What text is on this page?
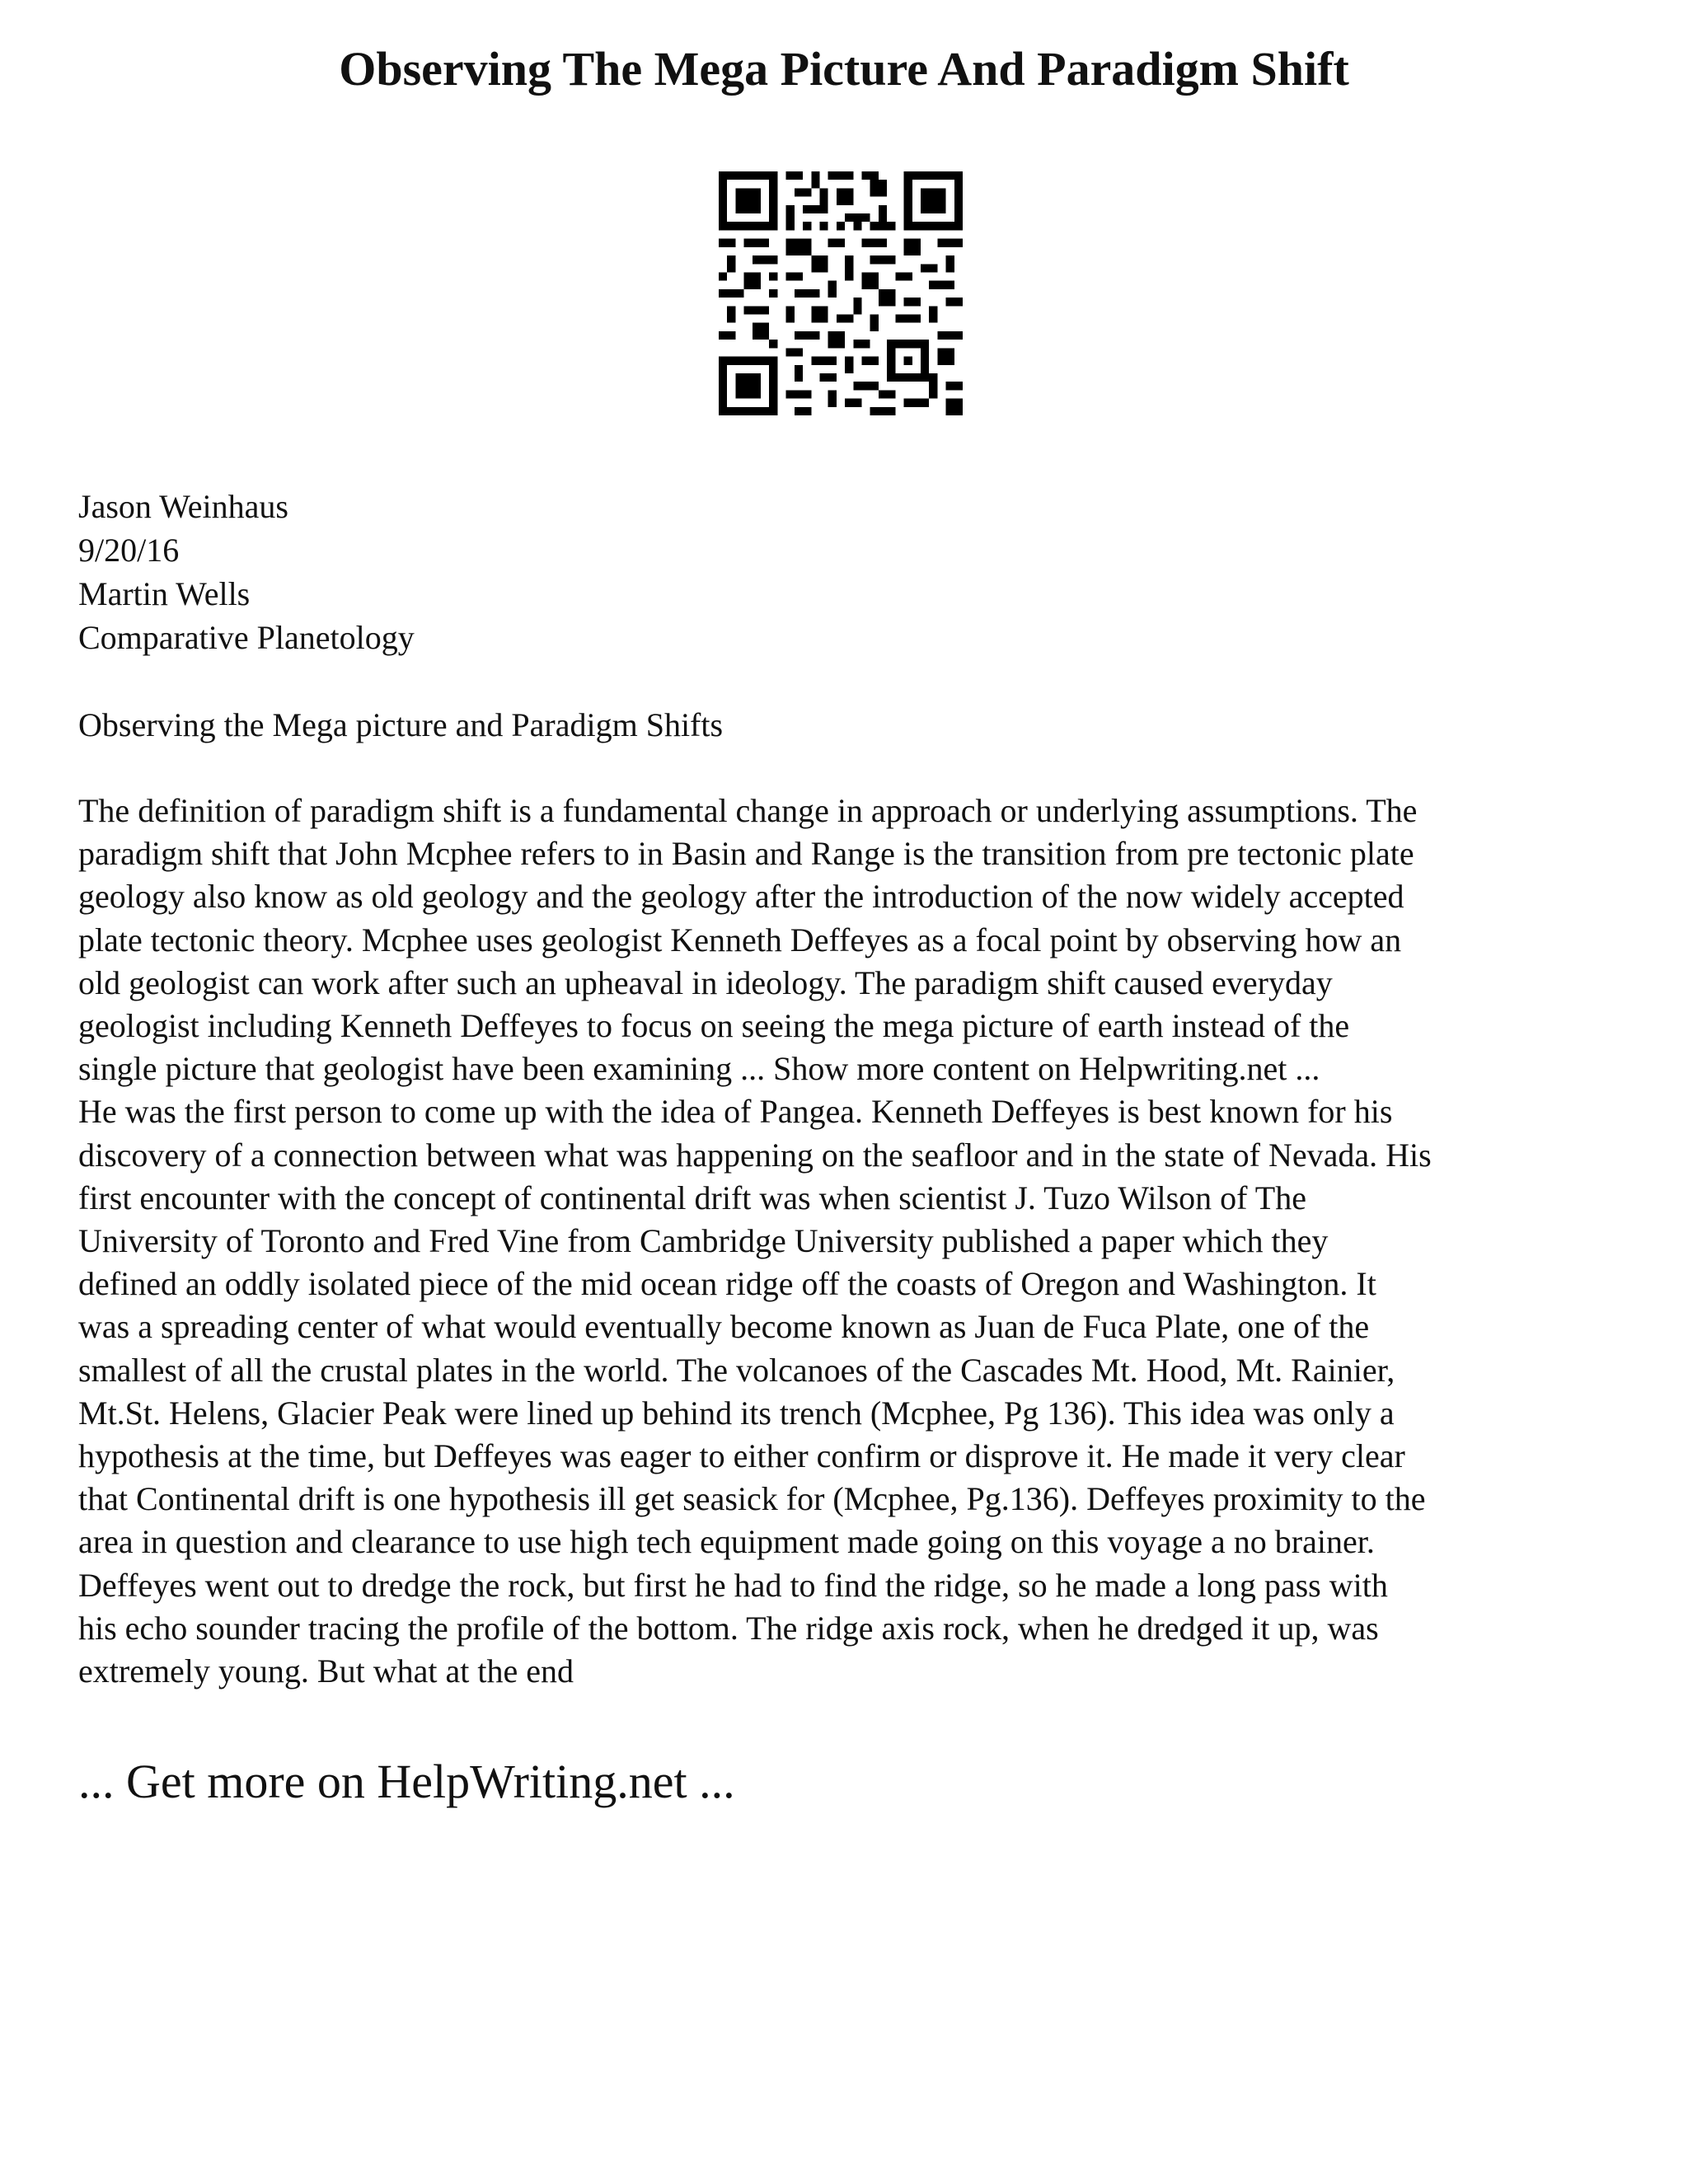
Observing The Mega Picture And Paradigm Shift
Jason Weinhaus
9/20/16
Martin Wells
Comparative Planetology
Observing the Mega picture and Paradigm Shifts
The definition of paradigm shift is a fundamental change in approach or underlying assumptions. The
paradigm shift that John Mcphee refers to in Basin and Range is the transition from pre tectonic plate
geology also know as old geology and the geology after the introduction of the now widely accepted
plate tectonic theory. Mcphee uses geologist Kenneth Deffeyes as a focal point by observing how an
old geologist can work after such an upheaval in ideology. The paradigm shift caused everyday
geologist including Kenneth Deffeyes to focus on seeing the mega picture of earth instead of the
single picture that geologist have been examining ... Show more content on Helpwriting.net ...
He was the first person to come up with the idea of Pangea. Kenneth Deffeyes is best known for his
discovery of a connection between what was happening on the seafloor and in the state of Nevada. His
first encounter with the concept of continental drift was when scientist J. Tuzo Wilson of The
University of Toronto and Fred Vine from Cambridge University published a paper which they
defined an oddly isolated piece of the mid ocean ridge off the coasts of Oregon and Washington. It
was a spreading center of what would eventually become known as Juan de Fuca Plate, one of the
smallest of all the crustal plates in the world. The volcanoes of the Cascades Mt. Hood, Mt. Rainier,
Mt.St. Helens, Glacier Peak were lined up behind its trench (Mcphee, Pg 136). This idea was only a
hypothesis at the time, but Deffeyes was eager to either confirm or disprove it. He made it very clear
that Continental drift is one hypothesis ill get seasick for (Mcphee, Pg.136). Deffeyes proximity to the
area in question and clearance to use high tech equipment made going on this voyage a no brainer.
Deffeyes went out to dredge the rock, but first he had to find the ridge, so he made a long pass with
his echo sounder tracing the profile of the bottom. The ridge axis rock, when he dredged it up, was
extremely young. But what at the end
... Get more on HelpWriting.net ...
